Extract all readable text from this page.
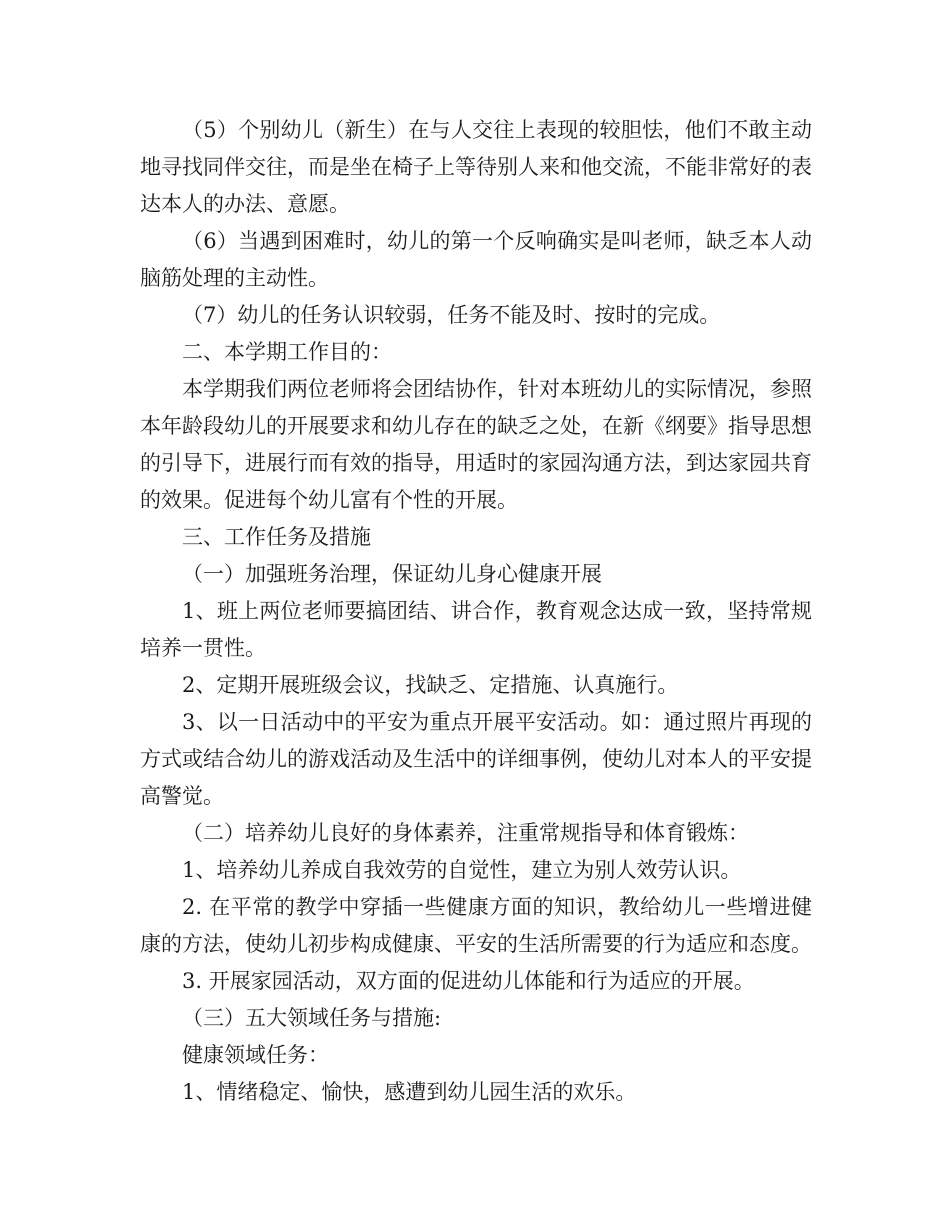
（5）个别幼儿（新生）在与人交往上表现的较胆怯，他们不敢主动地寻找同伴交往，而是坐在椅子上等待别人来和他交流，不能非常好的表达本人的办法、意愿。

（6）当遇到困难时，幼儿的第一个反响确实是叫老师，缺乏本人动脑筋处理的主动性。

（7）幼儿的任务认识较弱，任务不能及时、按时的完成。

二、本学期工作目的：

本学期我们两位老师将会团结协作，针对本班幼儿的实际情况，参照本年龄段幼儿的开展要求和幼儿存在的缺乏之处，在新《纲要》指导思想的引导下，进展行而有效的指导，用适时的家园沟通方法，到达家园共育的效果。促进每个幼儿富有个性的开展。

三、工作任务及措施

（一）加强班务治理，保证幼儿身心健康开展

1、班上两位老师要搞团结、讲合作，教育观念达成一致，坚持常规培养一贯性。

2、定期开展班级会议，找缺乏、定措施、认真施行。

3、以一日活动中的平安为重点开展平安活动。如：通过照片再现的方式或结合幼儿的游戏活动及生活中的详细事例，使幼儿对本人的平安提高警觉。

（二）培养幼儿良好的身体素养，注重常规指导和体育锻炼：

1、培养幼儿养成自我效劳的自觉性，建立为别人效劳认识。

2. 在平常的教学中穿插一些健康方面的知识，教给幼儿一些增进健康的方法，使幼儿初步构成健康、平安的生活所需要的行为适应和态度。

3. 开展家园活动，双方面的促进幼儿体能和行为适应的开展。

（三）五大领域任务与措施:

健康领域任务：

1、情绪稳定、愉快，感遭到幼儿园生活的欢乐。
